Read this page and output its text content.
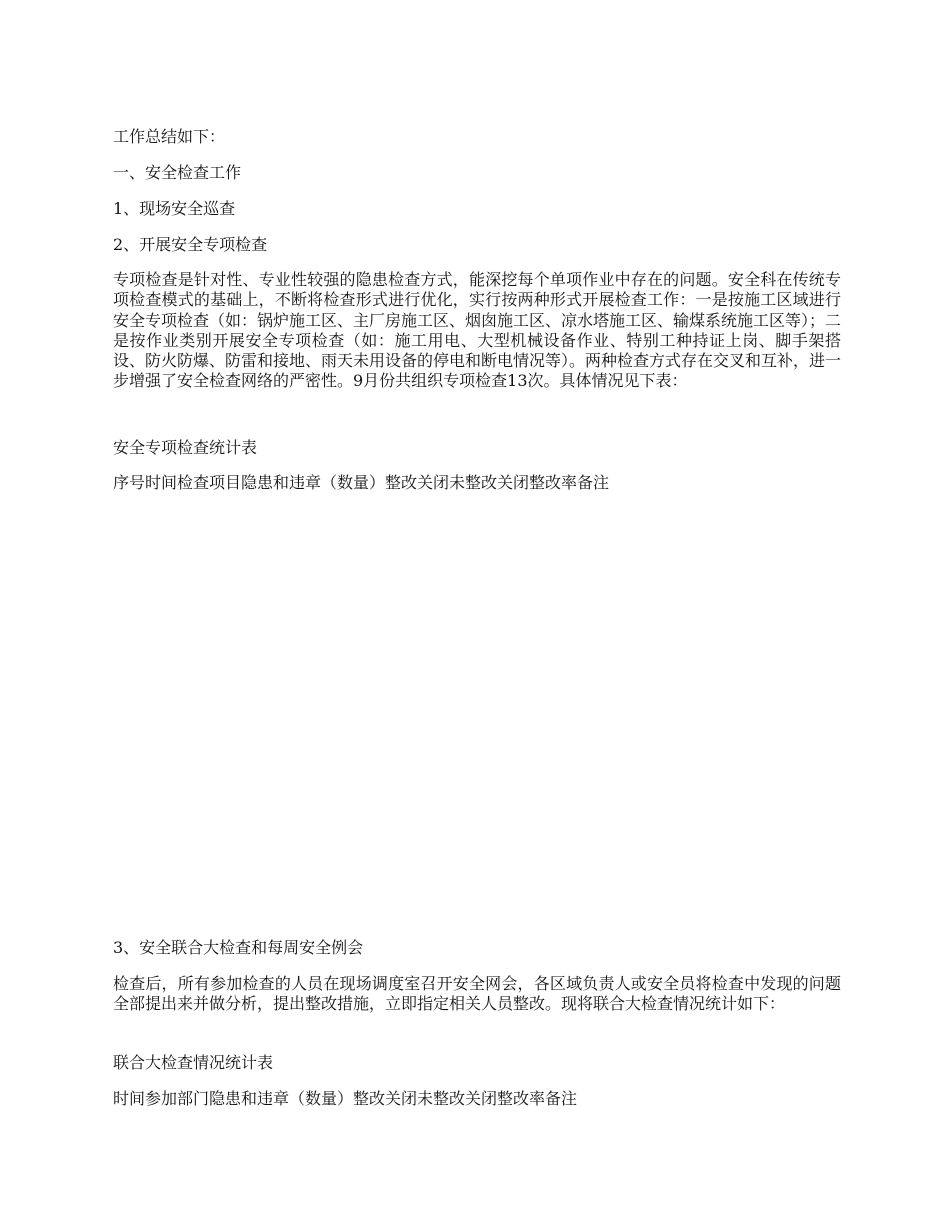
工作总结如下：

一、安全检查工作

1、现场安全巡查

2、开展安全专项检查

专项检查是针对性、专业性较强的隐患检查方式，能深挖每个单项作业中存在的问题。安全科在传统专项检查模式的基础上，不断将检查形式进行优化，实行按两种形式开展检查工作：一是按施工区域进行安全专项检查（如：锅炉施工区、主厂房施工区、烟囱施工区、凉水塔施工区、输煤系统施工区等）；二是按作业类别开展安全专项检查（如：施工用电、大型机械设备作业、特别工种持证上岗、脚手架搭设、防火防爆、防雷和接地、雨天未用设备的停电和断电情况等）。两种检查方式存在交叉和互补，进一步增强了安全检查网络的严密性。9月份共组织专项检查13次。具体情况见下表：

安全专项检查统计表

序号时间检查项目隐患和违章（数量）整改关闭未整改关闭整改率备注

3、安全联合大检查和每周安全例会

检查后，所有参加检查的人员在现场调度室召开安全网会，各区域负责人或安全员将检查中发现的问题全部提出来并做分析，提出整改措施，立即指定相关人员整改。现将联合大检查情况统计如下：

联合大检查情况统计表

时间参加部门隐患和违章（数量）整改关闭未整改关闭整改率备注
